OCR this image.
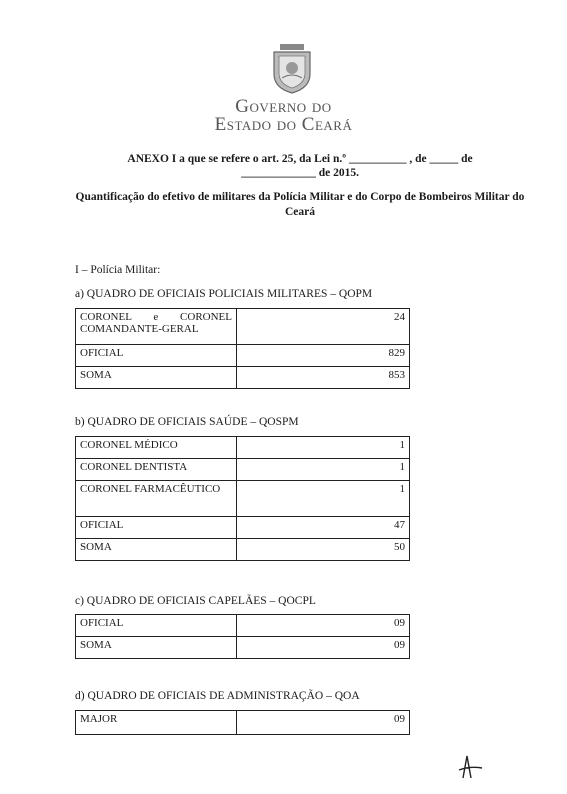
Governo do
Estado do Ceará
ANEXO I a que se refere o art. 25, da Lei n.º __________ , de _____ de
_____________ de 2015.
Quantificação do efetivo de militares da Polícia Militar e do Corpo de Bombeiros Militar do Ceará
I – Polícia Militar:
a) QUADRO DE OFICIAIS POLICIAIS MILITARES – QOPM
CORONEL e CORONEL COMANDANTE-GERAL	24
OFICIAL	829
SOMA	853
b) QUADRO DE OFICIAIS SAÚDE – QOSPM
CORONEL MÉDICO	1
CORONEL DENTISTA	1
CORONEL FARMACÊUTICO	1
OFICIAL	47
SOMA	50
c) QUADRO DE OFICIAIS CAPELÃES – QOCPL
OFICIAL	09
SOMA	09
d) QUADRO DE OFICIAIS DE ADMINISTRAÇÃO – QOA
MAJOR	09
